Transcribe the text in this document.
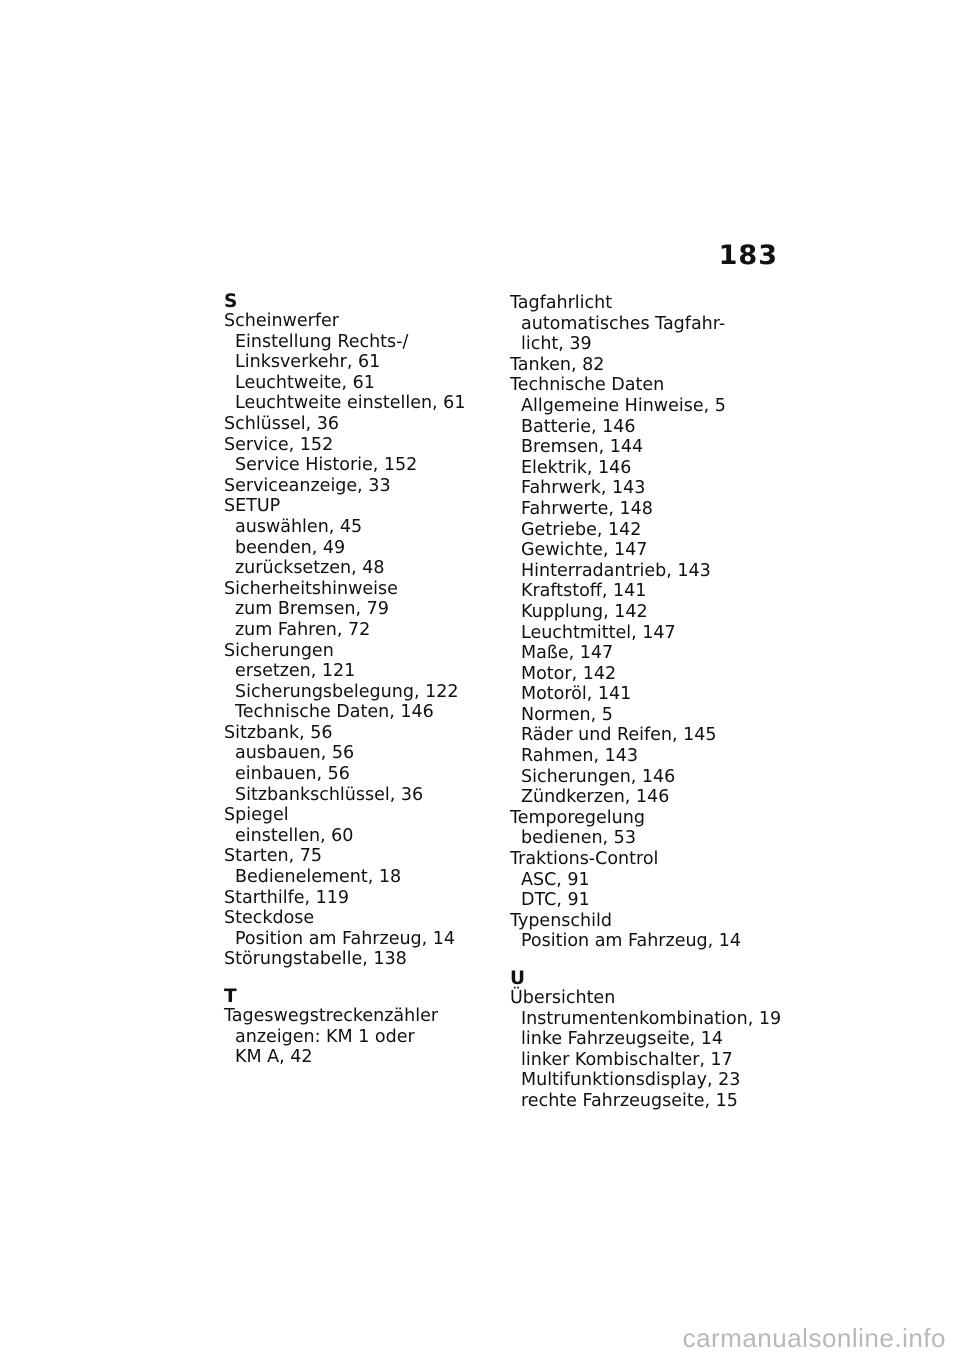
183
S
Scheinwerfer
Einstellung Rechts-/
Linksverkehr, 61
Leuchtweite, 61
Leuchtweite einstellen, 61
Schlüssel, 36
Service, 152
Service Historie, 152
Serviceanzeige, 33
SETUP
auswählen, 45
beenden, 49
zurücksetzen, 48
Sicherheitshinweise
zum Bremsen, 79
zum Fahren, 72
Sicherungen
ersetzen, 121
Sicherungsbelegung, 122
Technische Daten, 146
Sitzbank, 56
ausbauen, 56
einbauen, 56
Sitzbankschlüssel, 36
Spiegel
einstellen, 60
Starten, 75
Bedienelement, 18
Starthilfe, 119
Steckdose
Position am Fahrzeug, 14
Störungstabelle, 138
T
Tageswegstreckenzähler
anzeigen: KM 1 oder
KM A, 42
Tagfahrlicht
automatisches Tagfahr-
licht, 39
Tanken, 82
Technische Daten
Allgemeine Hinweise, 5
Batterie, 146
Bremsen, 144
Elektrik, 146
Fahrwerk, 143
Fahrwerte, 148
Getriebe, 142
Gewichte, 147
Hinterradantrieb, 143
Kraftstoff, 141
Kupplung, 142
Leuchtmittel, 147
Maße, 147
Motor, 142
Motoröl, 141
Normen, 5
Räder und Reifen, 145
Rahmen, 143
Sicherungen, 146
Zündkerzen, 146
Temporegelung
bedienen, 53
Traktions-Control
ASC, 91
DTC, 91
Typenschild
Position am Fahrzeug, 14
U
Übersichten
Instrumentenkombination, 19
linke Fahrzeugseite, 14
linker Kombischalter, 17
Multifunktionsdisplay, 23
rechte Fahrzeugseite, 15
carmanualsonline.info
